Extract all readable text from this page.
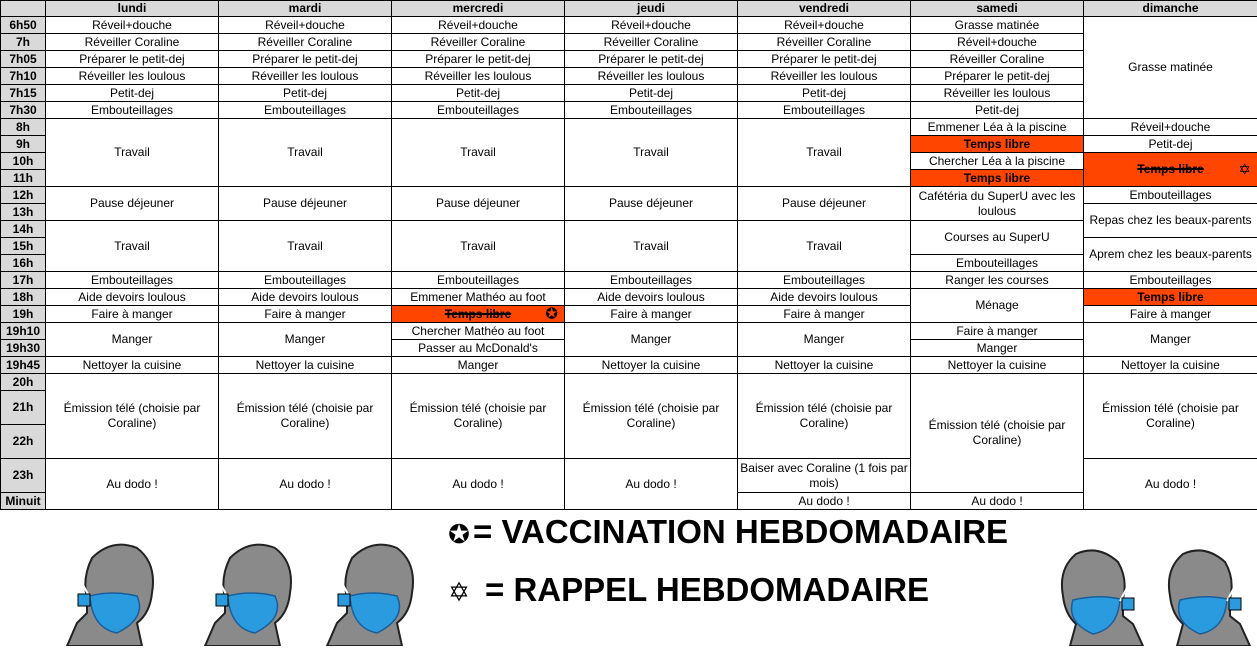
	lundi	mardi	mercredi	jeudi	vendredi	samedi	dimanche
6h50	Réveil+douche	Réveil+douche	Réveil+douche	Réveil+douche	Réveil+douche	Grasse matinée	Grasse matinée
7h	Réveiller Coraline	Réveiller Coraline	Réveiller Coraline	Réveiller Coraline	Réveiller Coraline	Réveil+douche	
7h05	Préparer le petit-dej	Préparer le petit-dej	Préparer le petit-dej	Préparer le petit-dej	Préparer le petit-dej	Réveiller Coraline	
7h10	Réveiller les loulous	Réveiller les loulous	Réveiller les loulous	Réveiller les loulous	Réveiller les loulous	Préparer le petit-dej	
7h15	Petit-dej	Petit-dej	Petit-dej	Petit-dej	Petit-dej	Réveiller les loulous	
7h30	Embouteillages	Embouteillages	Embouteillages	Embouteillages	Embouteillages	Petit-dej	
8h	Travail	Travail	Travail	Travail	Travail	Emmener Léa à la piscine	Réveil+douche
9h						Temps libre	Petit-dej
10h						Chercher Léa à la piscine	Temps libre ✡

11h						Temps libre	
12h	Pause déjeuner	Pause déjeuner	Pause déjeuner	Pause déjeuner	Pause déjeuner	Cafétéria du SuperU avec les loulous	Embouteillages
13h							Repas chez les beaux-parents
14h	Travail	Travail	Travail	Travail	Travail	Courses au SuperU	
15h							Aprem chez les beaux-parents
16h						Embouteillages	
17h	Embouteillages	Embouteillages	Embouteillages	Embouteillages	Embouteillages	Ranger les courses	Embouteillages
18h	Aide devoirs loulous	Aide devoirs loulous	Emmener Mathéo au foot	Aide devoirs loulous	Aide devoirs loulous	Ménage	Temps libre
19h	Faire à manger	Faire à manger	Temps libre ✪	Faire à manger	Faire à manger		Faire à manger
19h10	Manger	Manger	Chercher Mathéo au foot	Manger	Manger	Faire à manger	Manger
19h30			Passer au McDonald's			Manger	
19h45	Nettoyer la cuisine	Nettoyer la cuisine	Manger	Nettoyer la cuisine	Nettoyer la cuisine	Nettoyer la cuisine	Nettoyer la cuisine
20h	Émission télé (choisie par Coraline)	Émission télé (choisie par Coraline)	Émission télé (choisie par Coraline)	Émission télé (choisie par Coraline)	Émission télé (choisie par Coraline)	Émission télé (choisie par Coraline)	Émission télé (choisie par Coraline)
21h							
22h							
23h	Au dodo !	Au dodo !	Au dodo !	Au dodo !	Baiser avec Coraline (1 fois par mois)		Au dodo !
Minuit					Au dodo !	Au dodo !	
✪= VACCINATION HEBDOMADAIRE
✡ = RAPPEL HEBDOMADAIRE
